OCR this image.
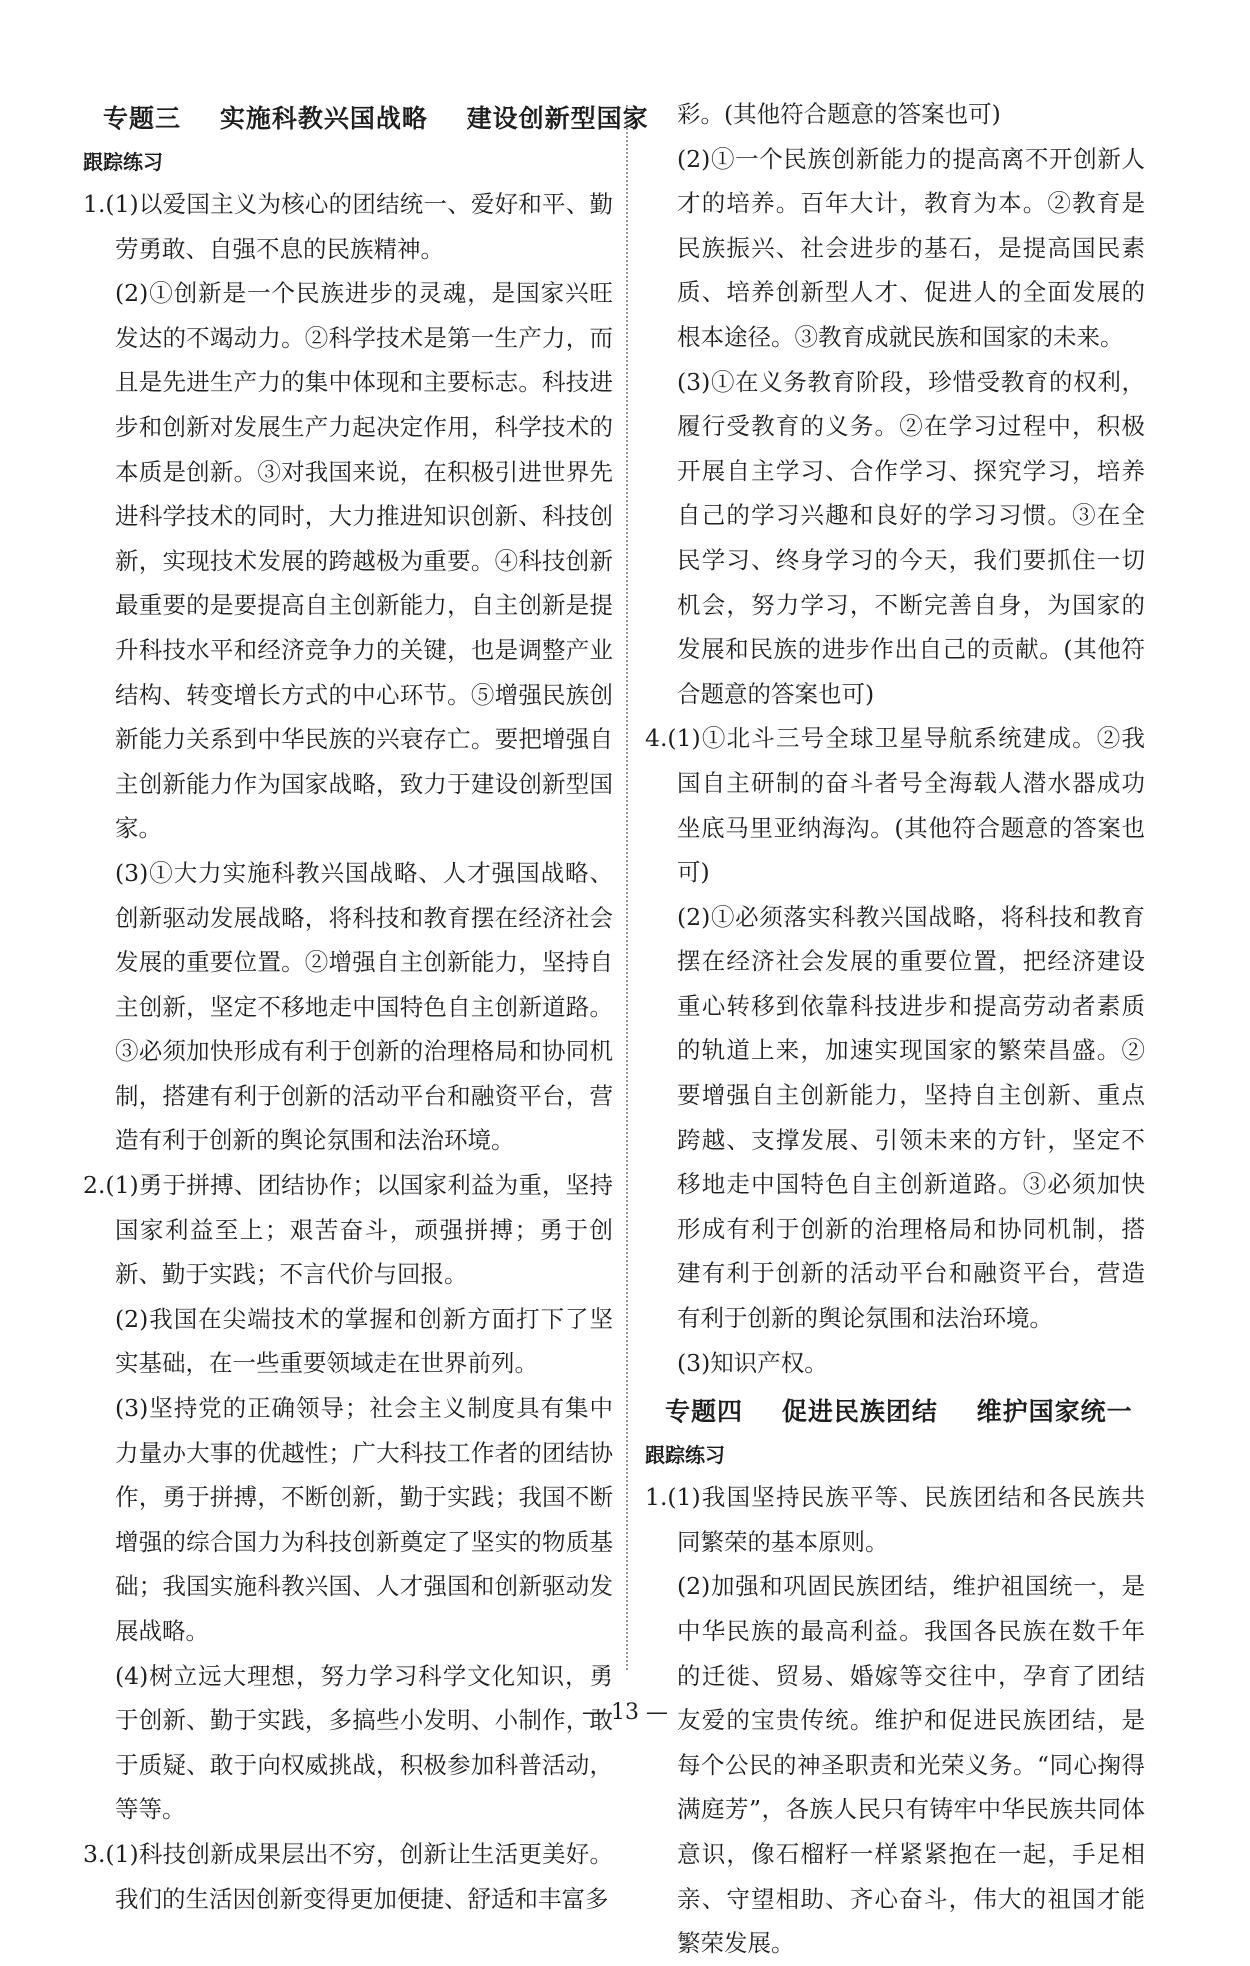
专题三    实施科教兴国战略    建设创新型国家
跟踪练习

1.(1)以爱国主义为核心的团结统一、爱好和平、勤劳勇敢、自强不息的民族精神。

(2)①创新是一个民族进步的灵魂，是国家兴旺发达的不竭动力。②科学技术是第一生产力，而且是先进生产力的集中体现和主要标志。科技进步和创新对发展生产力起决定作用，科学技术的本质是创新。③对我国来说，在积极引进世界先进科学技术的同时，大力推进知识创新、科技创新，实现技术发展的跨越极为重要。④科技创新最重要的是要提高自主创新能力，自主创新是提升科技水平和经济竞争力的关键，也是调整产业结构、转变增长方式的中心环节。⑤增强民族创新能力关系到中华民族的兴衰存亡。要把增强自主创新能力作为国家战略，致力于建设创新型国家。

(3)①大力实施科教兴国战略、人才强国战略、创新驱动发展战略，将科技和教育摆在经济社会发展的重要位置。②增强自主创新能力，坚持自主创新，坚定不移地走中国特色自主创新道路。③必须加快形成有利于创新的治理格局和协同机制，搭建有利于创新的活动平台和融资平台，营造有利于创新的舆论氛围和法治环境。

2.(1)勇于拼搏、团结协作；以国家利益为重，坚持国家利益至上；艰苦奋斗，顽强拼搏；勇于创新、勤于实践；不言代价与回报。

(2)我国在尖端技术的掌握和创新方面打下了坚实基础，在一些重要领域走在世界前列。

(3)坚持党的正确领导；社会主义制度具有集中力量办大事的优越性；广大科技工作者的团结协作，勇于拼搏，不断创新，勤于实践；我国不断增强的综合国力为科技创新奠定了坚实的物质基础；我国实施科教兴国、人才强国和创新驱动发展战略。

(4)树立远大理想，努力学习科学文化知识，勇于创新、勤于实践，多搞些小发明、小制作，敢于质疑、敢于向权威挑战，积极参加科普活动，等等。

3.(1)科技创新成果层出不穷，创新让生活更美好。我们的生活因创新变得更加便捷、舒适和丰富多

彩。(其他符合题意的答案也可)

(2)①一个民族创新能力的提高离不开创新人才的培养。百年大计，教育为本。②教育是民族振兴、社会进步的基石，是提高国民素质、培养创新型人才、促进人的全面发展的根本途径。③教育成就民族和国家的未来。

(3)①在义务教育阶段，珍惜受教育的权利，履行受教育的义务。②在学习过程中，积极开展自主学习、合作学习、探究学习，培养自己的学习兴趣和良好的学习习惯。③在全民学习、终身学习的今天，我们要抓住一切机会，努力学习，不断完善自身，为国家的发展和民族的进步作出自己的贡献。(其他符合题意的答案也可)

4.(1)①北斗三号全球卫星导航系统建成。②我国自主研制的奋斗者号全海载人潜水器成功坐底马里亚纳海沟。(其他符合题意的答案也可)

(2)①必须落实科教兴国战略，将科技和教育摆在经济社会发展的重要位置，把经济建设重心转移到依靠科技进步和提高劳动者素质的轨道上来，加速实现国家的繁荣昌盛。②要增强自主创新能力，坚持自主创新、重点跨越、支撑发展、引领未来的方针，坚定不移地走中国特色自主创新道路。③必须加快形成有利于创新的治理格局和协同机制，搭建有利于创新的活动平台和融资平台，营造有利于创新的舆论氛围和法治环境。

(3)知识产权。

专题四    促进民族团结    维护国家统一
跟踪练习

1.(1)我国坚持民族平等、民族团结和各民族共同繁荣的基本原则。

(2)加强和巩固民族团结，维护祖国统一，是中华民族的最高利益。我国各民族在数千年的迁徙、贸易、婚嫁等交往中，孕育了团结友爱的宝贵传统。维护和促进民族团结，是每个公民的神圣职责和光荣义务。“同心掬得满庭芳”，各族人民只有铸牢中华民族共同体意识，像石榴籽一样紧紧抱在一起，手足相亲、守望相助、齐心奋斗，伟大的祖国才能繁荣发展。

— 13 —
